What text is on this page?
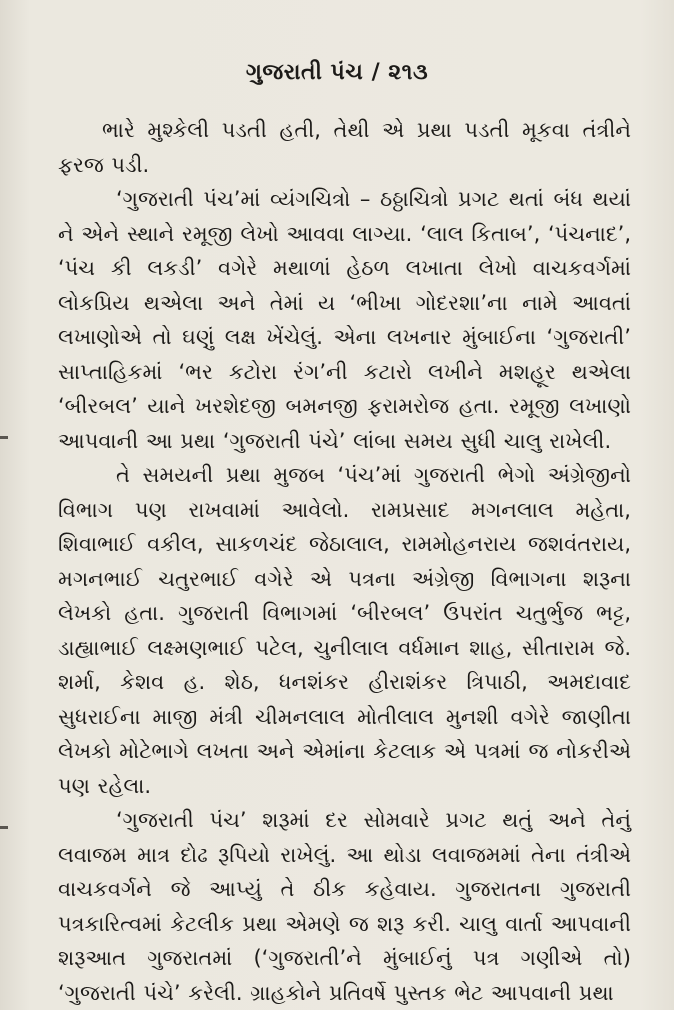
ગુજરાતી પંચ / ૨૧૩

ભારે મુશ્કેલી પડતી હતી, તેથી એ પ્રથા પડતી મૂકવા તંત્રીને ફરજ પડી.

‘ગુજરાતી પંચ’માં વ્યંગચિત્રો – ઠઠ્ઠાચિત્રો પ્રગટ થતાં બંધ થયાં ને એને સ્થાને રમૂજી લેખો આવવા લાગ્યા. ‘લાલ કિતાબ’, ‘પંચનાદ’, ‘પંચ કી લકડી’ વગેરે મથાળાં હેઠળ લખાતા લેખો વાચકવર્ગમાં લોકપ્રિય થએલા અને તેમાં ય ‘ભીખા ગોદરશા’ના નામે આવતાં લખાણોએ તો ઘણું લક્ષ ખેંચેલું. એના લખનાર મુંબાઈના ‘ગુજરાતી’ સાપ્તાહિકમાં ‘ભર કટોરા રંગ’ની કટારો લખીને મશહૂર થએલા ‘બીરબલ’ યાને ખરશેદજી બમનજી ફરામરોજ હતા. રમૂજી લખાણો આપવાની આ પ્રથા ‘ગુજરાતી પંચે’ લાંબા સમય સુધી ચાલુ રાખેલી.

તે સમયની પ્રથા મુજબ ‘પંચ’માં ગુજરાતી ભેગો અંગ્રેજીનો વિભાગ પણ રાખવામાં આવેલો. રામપ્રસાદ મગનલાલ મહેતા, શિવાભાઈ વકીલ, સાકળચંદ જેઠાલાલ, રામમોહનરાય જશવંતરાય, મગનભાઈ ચતુરભાઈ વગેરે એ પત્રના અંગ્રેજી વિભાગના શરૂના લેખકો હતા. ગુજરાતી વિભાગમાં ‘બીરબલ’ ઉપરાંત ચતુર્ભુજ ભટ્ટ, ડાહ્યાભાઈ લક્ષ્મણભાઈ પટેલ, ચુનીલાલ વર્ધમાન શાહ, સીતારામ જે. શર્મા, કેશવ હ. શેઠ, ધનશંકર હીરાશંકર ત્રિપાઠી, અમદાવાદ સુધરાઈના માજી મંત્રી ચીમનલાલ મોતીલાલ મુનશી વગેરે જાણીતા લેખકો મોટેભાગે લખતા અને એમાંના કેટલાક એ પત્રમાં જ નોકરીએ પણ રહેલા.

‘ગુજરાતી પંચ’ શરૂમાં દર સોમવારે પ્રગટ થતું અને તેનું લવાજમ માત્ર દોઢ રૂપિયો રાખેલું. આ થોડા લવાજમમાં તેના તંત્રીએ વાચકવર્ગને જે આપ્યું તે ઠીક કહેવાય. ગુજરાતના ગુજરાતી પત્રકારિત્વમાં કેટલીક પ્રથા એમણે જ શરૂ કરી. ચાલુ વાર્તા આપવાની શરૂઆત ગુજરાતમાં (‘ગુજરાતી’ને મુંબાઈનું પત્ર ગણીએ તો) ‘ગુજરાતી પંચે’ કરેલી. ગ્રાહકોને પ્રતિવર્ષે પુસ્તક ભેટ આપવાની પ્રથા
